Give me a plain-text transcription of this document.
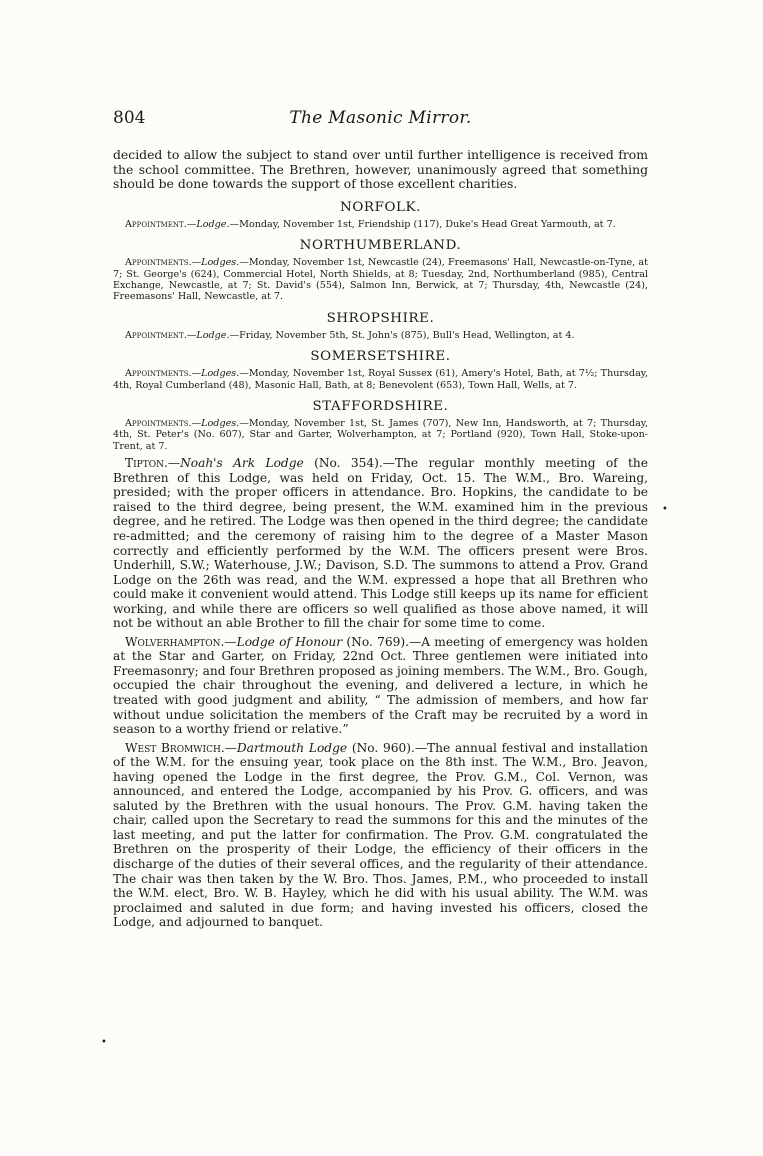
•
•
804	The Masonic Mirror.

decided to allow the subject to stand over until further intelligence is received from the school committee. The Brethren, however, unanimously agreed that something should be done towards the support of those excellent charities.

NORFOLK.

Appointment.—Lodge.—Monday, November 1st, Friendship (117), Duke's Head Great Yarmouth, at 7.

NORTHUMBERLAND.

Appointments.—Lodges.—Monday, November 1st, Newcastle (24), Freemasons' Hall, Newcastle-on-Tyne, at 7; St. George's (624), Commercial Hotel, North Shields, at 8; Tuesday, 2nd, Northumberland (985), Central Exchange, Newcastle, at 7; St. David's (554), Salmon Inn, Berwick, at 7; Thursday, 4th, Newcastle (24), Freemasons' Hall, Newcastle, at 7.

SHROPSHIRE.

Appointment.—Lodge.—Friday, November 5th, St. John's (875), Bull's Head, Wellington, at 4.

SOMERSETSHIRE.

Appointments.—Lodges.—Monday, November 1st, Royal Sussex (61), Amery's Hotel, Bath, at 7½; Thursday, 4th, Royal Cumberland (48), Masonic Hall, Bath, at 8; Benevolent (653), Town Hall, Wells, at 7.

STAFFORDSHIRE.

Appointments.—Lodges.—Monday, November 1st, St. James (707), New Inn, Handsworth, at 7; Thursday, 4th, St. Peter's (No. 607), Star and Garter, Wolverhampton, at 7; Portland (920), Town Hall, Stoke-upon-Trent, at 7.

Tipton.—Noah's Ark Lodge (No. 354).—The regular monthly meeting of the Brethren of this Lodge, was held on Friday, Oct. 15. The W.M., Bro. Wareing, presided; with the proper officers in attendance. Bro. Hopkins, the candidate to be raised to the third degree, being present, the W.M. examined him in the previous degree, and he retired. The Lodge was then opened in the third degree; the candidate re-admitted; and the ceremony of raising him to the degree of a Master Mason correctly and efficiently performed by the W.M. The officers present were Bros. Underhill, S.W.; Waterhouse, J.W.; Davison, S.D. The summons to attend a Prov. Grand Lodge on the 26th was read, and the W.M. expressed a hope that all Brethren who could make it convenient would attend. This Lodge still keeps up its name for efficient working, and while there are officers so well qualified as those above named, it will not be without an able Brother to fill the chair for some time to come.

Wolverhampton.—Lodge of Honour (No. 769).—A meeting of emergency was holden at the Star and Garter, on Friday, 22nd Oct. Three gentlemen were initiated into Freemasonry; and four Brethren proposed as joining members. The W.M., Bro. Gough, occupied the chair throughout the evening, and delivered a lecture, in which he treated with good judgment and ability, “ The admission of members, and how far without undue solicitation the members of the Craft may be recruited by a word in season to a worthy friend or relative.”

West Bromwich.—Dartmouth Lodge (No. 960).—The annual festival and installation of the W.M. for the ensuing year, took place on the 8th inst. The W.M., Bro. Jeavon, having opened the Lodge in the first degree, the Prov. G.M., Col. Vernon, was announced, and entered the Lodge, accompanied by his Prov. G. officers, and was saluted by the Brethren with the usual honours. The Prov. G.M. having taken the chair, called upon the Secretary to read the summons for this and the minutes of the last meeting, and put the latter for confirmation. The Prov. G.M. congratulated the Brethren on the prosperity of their Lodge, the efficiency of their officers in the discharge of the duties of their several offices, and the regularity of their attendance. The chair was then taken by the W. Bro. Thos. James, P.M., who proceeded to install the W.M. elect, Bro. W. B. Hayley, which he did with his usual ability. The W.M. was proclaimed and saluted in due form; and having invested his officers, closed the Lodge, and adjourned to banquet.
